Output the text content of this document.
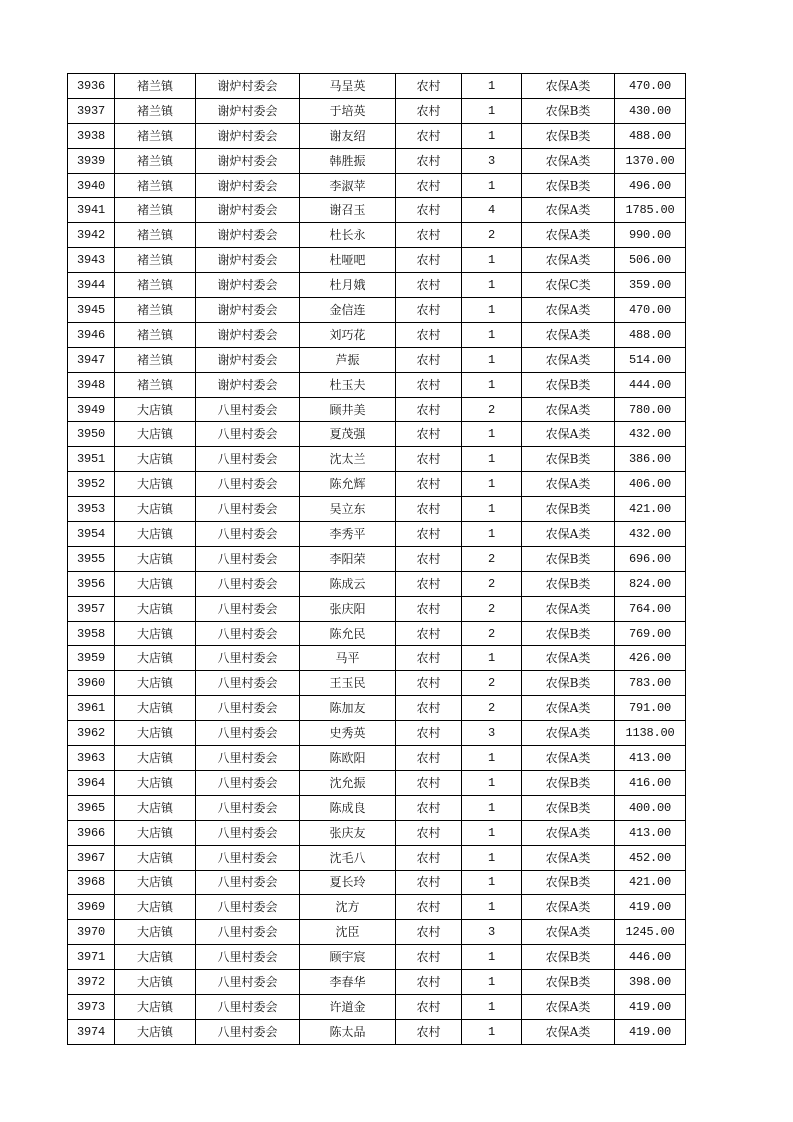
3936	褚兰镇	谢炉村委会	马呈英	农村	1	农保A类	470.00
3937	褚兰镇	谢炉村委会	于培英	农村	1	农保B类	430.00
3938	褚兰镇	谢炉村委会	谢友绍	农村	1	农保B类	488.00
3939	褚兰镇	谢炉村委会	韩胜振	农村	3	农保A类	1370.00
3940	褚兰镇	谢炉村委会	李淑苹	农村	1	农保B类	496.00
3941	褚兰镇	谢炉村委会	谢召玉	农村	4	农保A类	1785.00
3942	褚兰镇	谢炉村委会	杜长永	农村	2	农保A类	990.00
3943	褚兰镇	谢炉村委会	杜哑吧	农村	1	农保A类	506.00
3944	褚兰镇	谢炉村委会	杜月娥	农村	1	农保C类	359.00
3945	褚兰镇	谢炉村委会	金信连	农村	1	农保A类	470.00
3946	褚兰镇	谢炉村委会	刘巧花	农村	1	农保A类	488.00
3947	褚兰镇	谢炉村委会	芦振	农村	1	农保A类	514.00
3948	褚兰镇	谢炉村委会	杜玉夫	农村	1	农保B类	444.00
3949	大店镇	八里村委会	顾井美	农村	2	农保A类	780.00
3950	大店镇	八里村委会	夏茂强	农村	1	农保A类	432.00
3951	大店镇	八里村委会	沈太兰	农村	1	农保B类	386.00
3952	大店镇	八里村委会	陈允辉	农村	1	农保A类	406.00
3953	大店镇	八里村委会	吴立东	农村	1	农保B类	421.00
3954	大店镇	八里村委会	李秀平	农村	1	农保A类	432.00
3955	大店镇	八里村委会	李阳荣	农村	2	农保B类	696.00
3956	大店镇	八里村委会	陈成云	农村	2	农保B类	824.00
3957	大店镇	八里村委会	张庆阳	农村	2	农保A类	764.00
3958	大店镇	八里村委会	陈允民	农村	2	农保B类	769.00
3959	大店镇	八里村委会	马平	农村	1	农保A类	426.00
3960	大店镇	八里村委会	王玉民	农村	2	农保B类	783.00
3961	大店镇	八里村委会	陈加友	农村	2	农保A类	791.00
3962	大店镇	八里村委会	史秀英	农村	3	农保A类	1138.00
3963	大店镇	八里村委会	陈欧阳	农村	1	农保A类	413.00
3964	大店镇	八里村委会	沈允振	农村	1	农保B类	416.00
3965	大店镇	八里村委会	陈成良	农村	1	农保B类	400.00
3966	大店镇	八里村委会	张庆友	农村	1	农保A类	413.00
3967	大店镇	八里村委会	沈毛八	农村	1	农保A类	452.00
3968	大店镇	八里村委会	夏长玲	农村	1	农保B类	421.00
3969	大店镇	八里村委会	沈方	农村	1	农保A类	419.00
3970	大店镇	八里村委会	沈臣	农村	3	农保A类	1245.00
3971	大店镇	八里村委会	顾宇宸	农村	1	农保B类	446.00
3972	大店镇	八里村委会	李春华	农村	1	农保B类	398.00
3973	大店镇	八里村委会	许道金	农村	1	农保A类	419.00
3974	大店镇	八里村委会	陈太品	农村	1	农保A类	419.00
